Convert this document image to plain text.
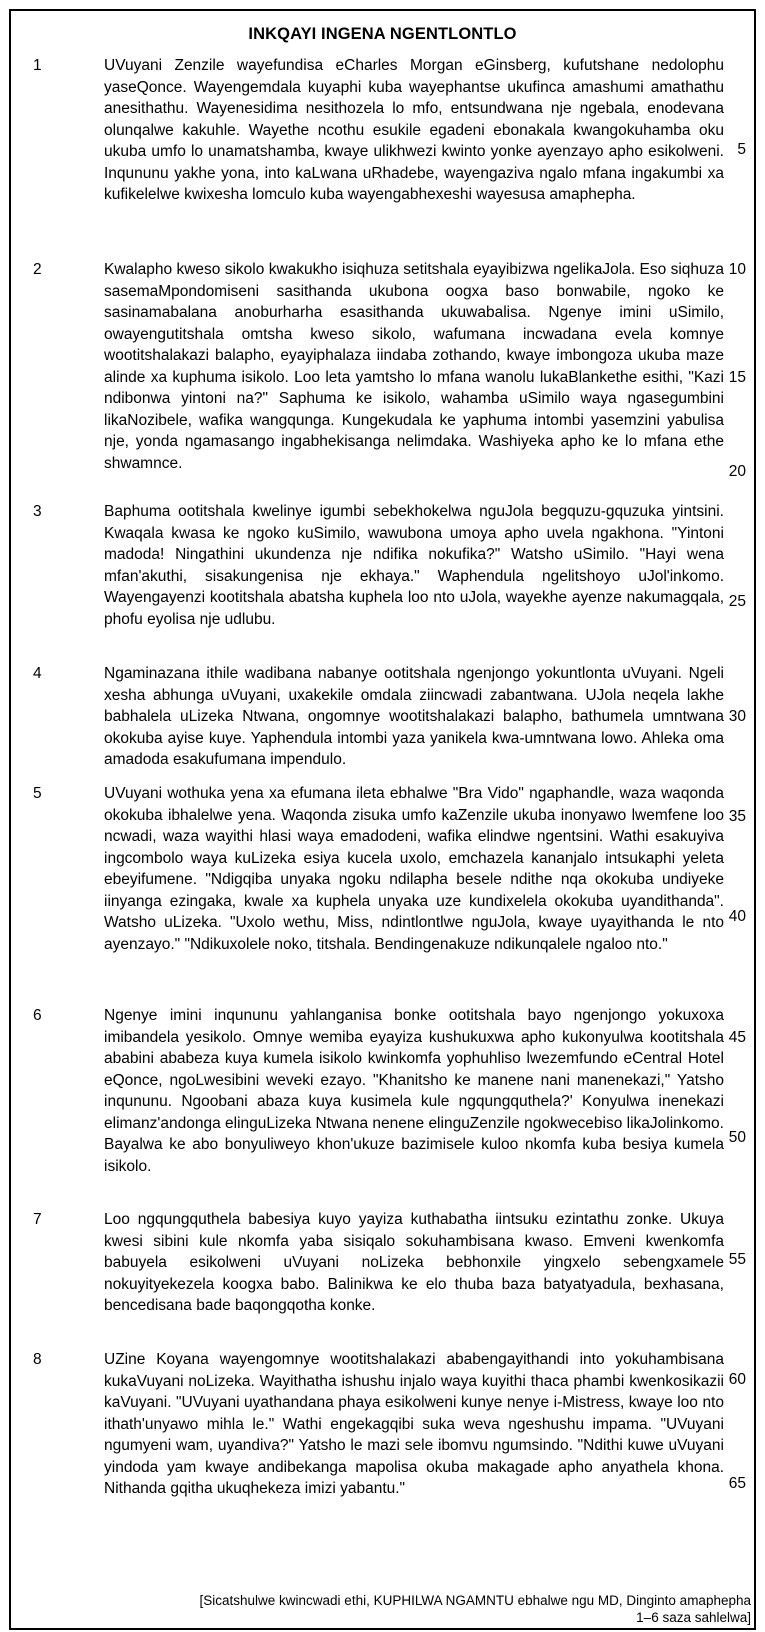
INKQAYI INGENA NGENTLONTLO
1	UVuyani Zenzile wayefundisa eCharles Morgan eGinsberg, kufutshane nedolophu yaseQonce. Wayengemdala kuyaphi kuba wayephantse ukufinca amashumi amathathu anesithathu. Wayenesidima nesithozela lo mfo, entsundwana nje ngebala, enodevana olunqalwe kakuhle. Wayethe ncothu esukile egadeni ebonakala kwangokuhamba oku ukuba umfo lo unamatshamba, kwaye ulikhwezi kwinto yonke ayenzayo apho esikolweni. Inqununu yakhe yona, into kaLwana uRhadebe, wayengaziva ngalo mfana ingakumbi xa kufikelelwe kwixesha lomculo kuba wayengabhexeshi wayesusa amaphepha.

2	Kwalapho kweso sikolo kwakukho isiqhuza setitshala eyayibizwa ngelikaJola. Eso siqhuza sasemaMpondomiseni sasithanda ukubona oogxa baso bonwabile, ngoko ke sasinamabalana anoburharha esasithanda ukuwabalisa. Ngenye imini uSimilo, owayengutitshala omtsha kweso sikolo, wafumana incwadana evela komnye wootitshalakazi balapho, eyayiphalaza iindaba zothando, kwaye imbongoza ukuba maze alinde xa kuphuma isikolo. Loo leta yamtsho lo mfana wanolu lukaBlankethe esithi, "Kazi ndibonwa yintoni na?" Saphuma ke isikolo, wahamba uSimilo waya ngasegumbini likaNozibele, wafika wangqunga. Kungekudala ke yaphuma intombi yasemzini yabulisa nje, yonda ngamasango ingabhekisanga nelimdaka. Washiyeka apho ke lo mfana ethe shwamnce.

3	Baphuma ootitshala kwelinye igumbi sebekhokelwa nguJola begquzu-gquzuka yintsini. Kwaqala kwasa ke ngoko kuSimilo, wawubona umoya apho uvela ngakhona. "Yintoni madoda! Ningathini ukundenza nje ndifika nokufika?" Watsho uSimilo. "Hayi wena mfan'akuthi, sisakungenisa nje ekhaya." Waphendula ngelitshoyo uJol'inkomo. Wayengayenzi kootitshala abatsha kuphela loo nto uJola, wayekhe ayenze nakumagqala, phofu eyolisa nje udlubu.

4	Ngaminazana ithile wadibana nabanye ootitshala ngenjongo yokuntlonta uVuyani. Ngeli xesha abhunga uVuyani, uxakekile omdala ziincwadi zabantwana. UJola neqela lakhe babhalela uLizeka Ntwana, ongomnye wootitshalakazi balapho, bathumela umntwana okokuba ayise kuye. Yaphendula intombi yaza yanikela kwa-umntwana lowo. Ahleka oma amadoda esakufumana impendulo.

5	UVuyani wothuka yena xa efumana ileta ebhalwe "Bra Vido" ngaphandle, waza waqonda okokuba ibhalelwe yena. Waqonda zisuka umfo kaZenzile ukuba inonyawo lwemfene loo ncwadi, waza wayithi hlasi waya emadodeni, wafika elindwe ngentsini. Wathi esakuyiva ingcombolo waya kuLizeka esiya kucela uxolo, emchazela kananjalo intsukaphi yeleta ebeyifumene. "Ndigqiba unyaka ngoku ndilapha besele ndithe nqa okokuba undiyeke iinyanga ezingaka, kwale xa kuphela unyaka uze kundixelela okokuba uyandithanda". Watsho uLizeka. "Uxolo wethu, Miss, ndintlontlwe nguJola, kwaye uyayithanda le nto ayenzayo." "Ndikuxolele noko, titshala. Bendingenakuze ndikunqalele ngaloo nto."

6	Ngenye imini inqununu yahlanganisa bonke ootitshala bayo ngenjongo yokuxoxa imibandela yesikolo. Omnye wemiba eyayiza kushukuxwa apho kukonyulwa kootitshala ababini ababeza kuya kumela isikolo kwinkomfa yophuhliso lwezemfundo eCentral Hotel eQonce, ngoLwesibini weveki ezayo. "Khanitsho ke manene nani manenekazi," Yatsho inqununu. Ngoobani abaza kuya kusimela kule ngqungquthela?' Konyulwa inenekazi elimanz'andonga elinguLizeka Ntwana nenene elinguZenzile ngokwecebiso likaJolinkomo. Bayalwa ke abo bonyuliweyo khon'ukuze bazimisele kuloo nkomfa kuba besiya kumela isikolo.

7	Loo ngqungquthela babesiya kuyo yayiza kuthabatha iintsuku ezintathu zonke. Ukuya kwesi sibini kule nkomfa yaba sisiqalo sokuhambisana kwaso. Emveni kwenkomfa babuyela esikolweni uVuyani noLizeka bebhonxile yingxelo sebengxamele nokuyityekezela koogxa babo. Balinikwa ke elo thuba baza batyatyadula, bexhasana, bencedisana bade baqongqotha konke.

8	UZine Koyana wayengomnye wootitshalakazi ababengayithandi into yokuhambisana kukaVuyani noLizeka. Wayithatha ishushu injalo waya kuyithi thaca phambi kwenkosikazii kaVuyani. "UVuyani uyathandana phaya esikolweni kunye nenye i-Mistress, kwaye loo nto ithath'unyawo mihla le." Wathi engekagqibi suka weva ngeshushu impama. "UVuyani ngumyeni wam, uyandiva?" Yatsho le mazi sele ibomvu ngumsindo. "Ndithi kuwe uVuyani yindoda yam kwaye andibekanga mapolisa okuba makagade apho anyathela khona. Nithanda gqitha ukuqhekeza imizi yabantu."

5
10
15
20
25
30
35
40
45
50
55
60
65
[Sicatshulwe kwincwadi ethi, KUPHILWA NGAMNTU ebhalwe ngu MD, Dinginto amaphepha 1–6 saza sahlelwa]
